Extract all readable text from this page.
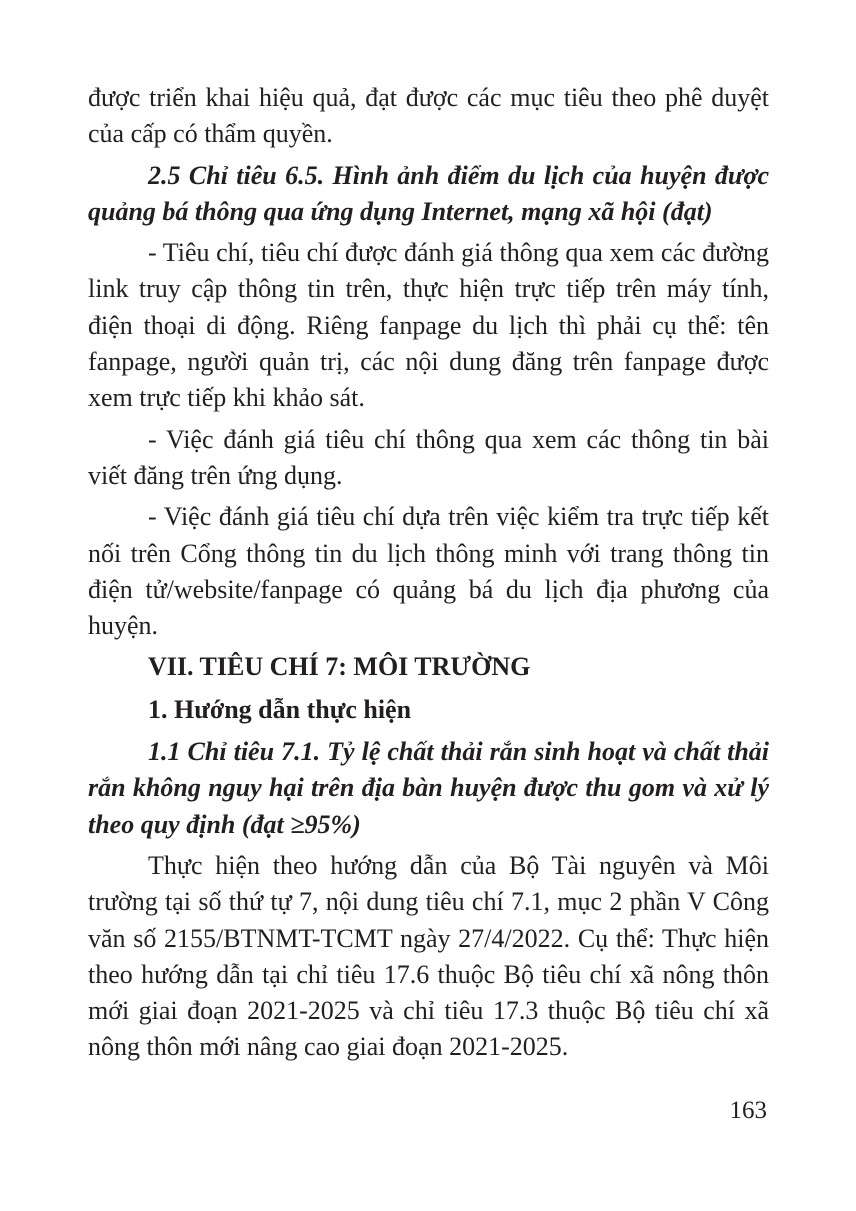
được triển khai hiệu quả, đạt được các mục tiêu theo phê duyệt của cấp có thẩm quyền.

2.5 Chỉ tiêu 6.5. Hình ảnh điểm du lịch của huyện được quảng bá thông qua ứng dụng Internet, mạng xã hội (đạt)

- Tiêu chí, tiêu chí được đánh giá thông qua xem các đường link truy cập thông tin trên, thực hiện trực tiếp trên máy tính, điện thoại di động. Riêng fanpage du lịch thì phải cụ thể: tên fanpage, người quản trị, các nội dung đăng trên fanpage được xem trực tiếp khi khảo sát.

- Việc đánh giá tiêu chí thông qua xem các thông tin bài viết đăng trên ứng dụng.

- Việc đánh giá tiêu chí dựa trên việc kiểm tra trực tiếp kết nối trên Cổng thông tin du lịch thông minh với trang thông tin điện tử/website/fanpage có quảng bá du lịch địa phương của huyện.

VII. TIÊU CHÍ 7: MÔI TRƯỜNG

1. Hướng dẫn thực hiện

1.1 Chỉ tiêu 7.1. Tỷ lệ chất thải rắn sinh hoạt và chất thải rắn không nguy hại trên địa bàn huyện được thu gom và xử lý theo quy định (đạt ≥95%)

Thực hiện theo hướng dẫn của Bộ Tài nguyên và Môi trường tại số thứ tự 7, nội dung tiêu chí 7.1, mục 2 phần V Công văn số 2155/BTNMT-TCMT ngày 27/4/2022. Cụ thể: Thực hiện theo hướng dẫn tại chỉ tiêu 17.6 thuộc Bộ tiêu chí xã nông thôn mới giai đoạn 2021-2025 và chỉ tiêu 17.3 thuộc Bộ tiêu chí xã nông thôn mới nâng cao giai đoạn 2021-2025.

163
